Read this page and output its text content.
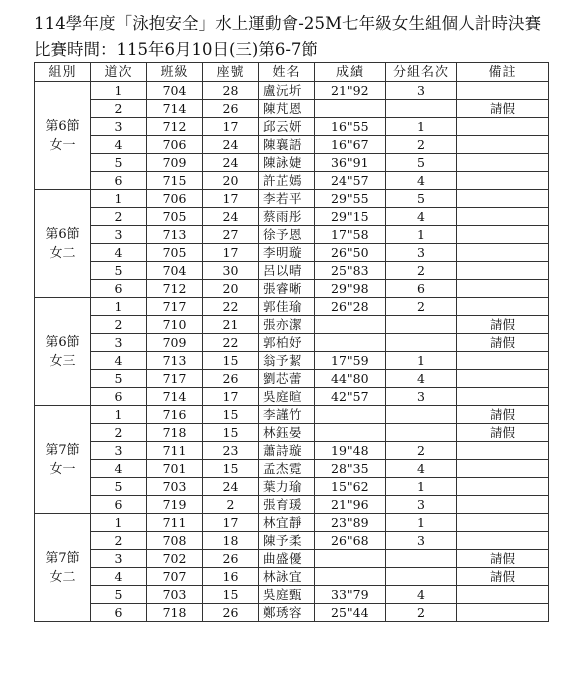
114學年度「泳抱安全」水上運動會-25M七年級女生組個人計時決賽
比賽時間：115年6月10日(三)第6-7節
組別	道次	班級	座號	姓名	成績	分組名次	備註

第6節
女一	1	704	28	盧沅圻	21"92	3	
	2	714	26	陳芃恩			請假
	3	712	17	邱云妍	16"55	1	
	4	706	24	陳襄語	16"67	2	
	5	709	24	陳詠婕	36"91	5	
	6	715	20	許芷嫣	24"57	4	

第6節
女二	1	706	17	李若平	29"55	5	
	2	705	24	蔡雨彤	29"15	4	
	3	713	27	徐予恩	17"58	1	
	4	705	17	李明璇	26"50	3	
	5	704	30	呂以晴	25"83	2	
	6	712	20	張睿晰	29"98	6	

第6節
女三	1	717	22	郭佳瑜	26"28	2	
	2	710	21	張亦潔			請假
	3	709	22	郭柏妤			請假
	4	713	15	翁予絜	17"59	1	
	5	717	26	劉芯蕾	44"80	4	
	6	714	17	吳庭暄	42"57	3	

第7節
女一	1	716	15	李謹竹			請假
	2	718	15	林鈺晏			請假
	3	711	23	蕭詩璇	19"48	2	
	4	701	15	孟杰霓	28"35	4	
	5	703	24	葉力瑜	15"62	1	
	6	719	2	張育瑗	21"96	3	

第7節
女二	1	711	17	林宜靜	23"89	1	
	2	708	18	陳予柔	26"68	3	
	3	702	26	曲盛優			請假
	4	707	16	林詠宜			請假
	5	703	15	吳庭甄	33"79	4	
	6	718	26	鄭琇容	25"44	2	
